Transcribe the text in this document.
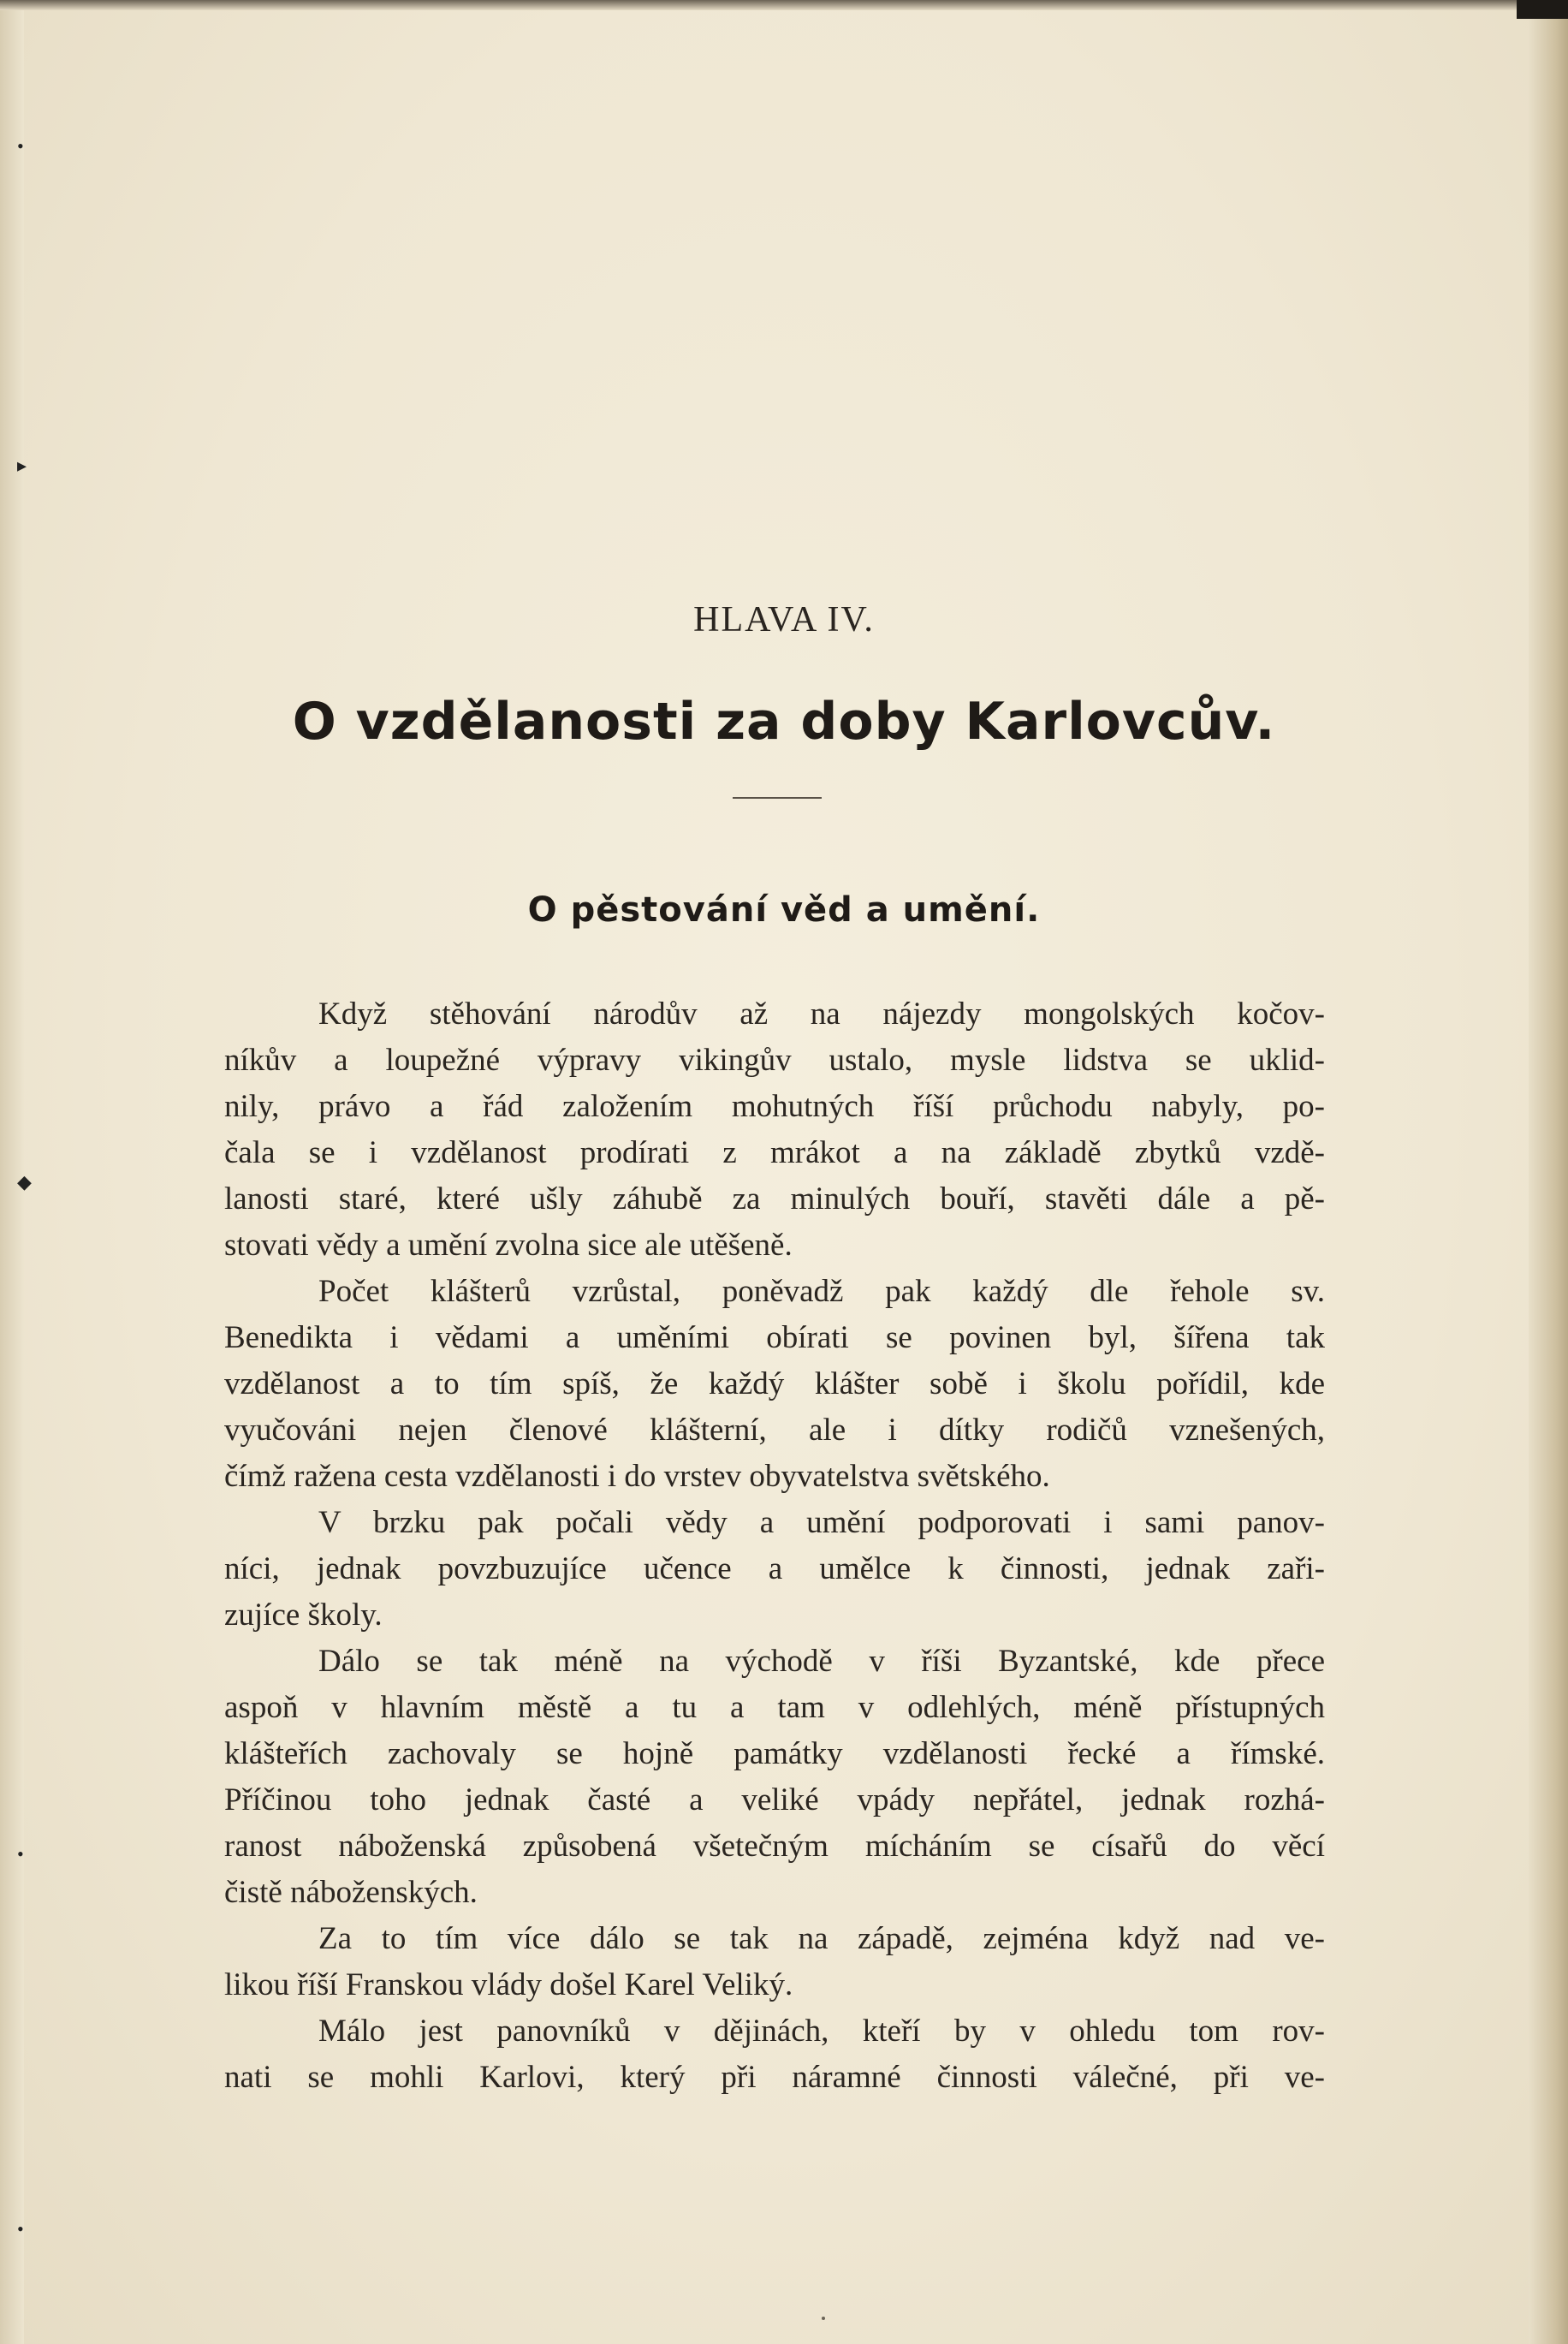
•
▸
◆
•
•
HLAVA IV.
O vzdělanosti za doby Karlovcův.
O pěstování věd a umění.
Když stěhování národův až na nájezdy mongolských kočov-
níkův a loupežné výpravy vikingův ustalo, mysle lidstva se uklid-
nily, právo a řád založením mohutných říší průchodu nabyly, po-
čala se i vzdělanost prodírati z mrákot a na základě zbytků vzdě-
lanosti staré, které ušly záhubě za minulých bouří, stavěti dále a pě-
stovati vědy a umění zvolna sice ale utěšeně.
Počet klášterů vzrůstal, poněvadž pak každý dle řehole sv.
Benedikta i vědami a uměními obírati se povinen byl, šířena tak
vzdělanost a to tím spíš, že každý klášter sobě i školu pořídil, kde
vyučováni nejen členové klášterní, ale i dítky rodičů vznešených,
čímž ražena cesta vzdělanosti i do vrstev obyvatelstva světského.
V brzku pak počali vědy a umění podporovati i sami panov-
níci, jednak povzbuzujíce učence a umělce k činnosti, jednak zaři-
zujíce školy.
Dálo se tak méně na východě v říši Byzantské, kde přece
aspoň v hlavním městě a tu a tam v odlehlých, méně přístupných
klášteřích zachovaly se hojně památky vzdělanosti řecké a římské.
Příčinou toho jednak časté a veliké vpády nepřátel, jednak rozhá-
ranost náboženská způsobená všetečným mícháním se císařů do věcí
čistě náboženských.
Za to tím více dálo se tak na západě, zejména když nad ve-
likou říší Franskou vlády došel Karel Veliký.
Málo jest panovníků v dějinách, kteří by v ohledu tom rov-
nati se mohli Karlovi, který při náramné činnosti válečné, při ve-
